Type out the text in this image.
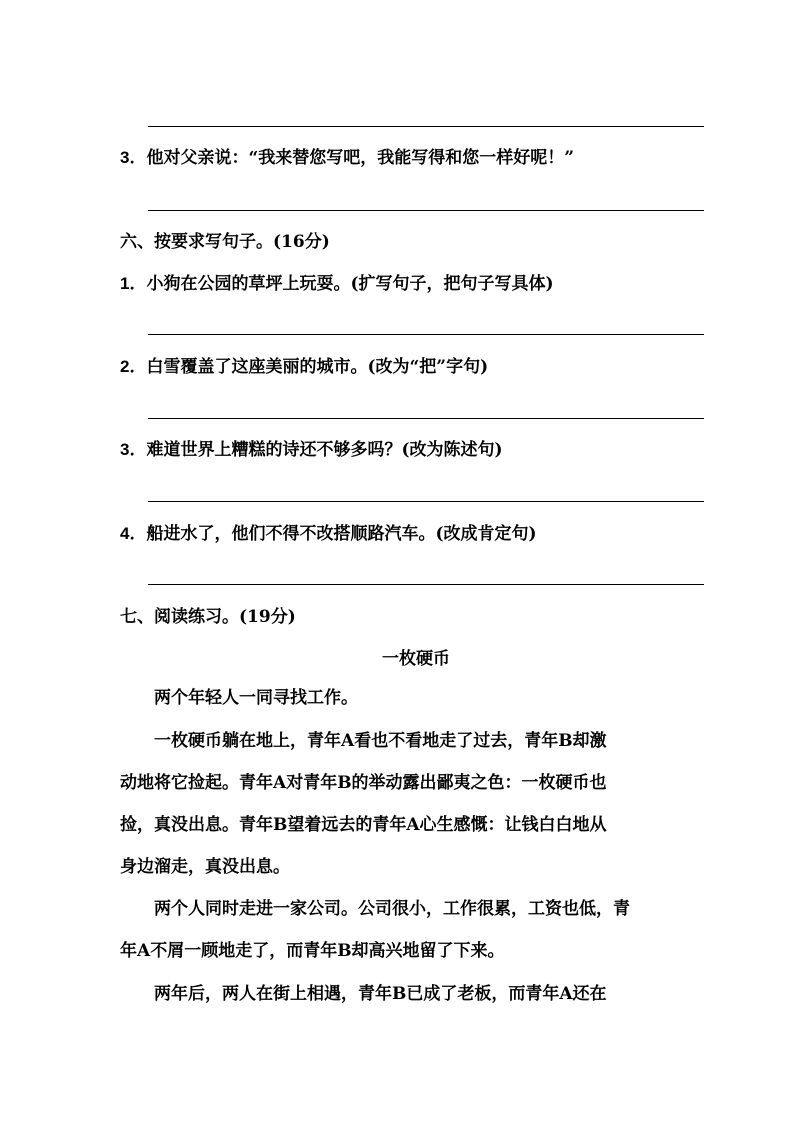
3．他对父亲说：“我来替您写吧，我能写得和您一样好呢！”
六、按要求写句子。(16分)
1．小狗在公园的草坪上玩耍。(扩写句子，把句子写具体)
2．白雪覆盖了这座美丽的城市。(改为“把”字句)
3．难道世界上糟糕的诗还不够多吗？(改为陈述句)
4．船进水了，他们不得不改搭顺路汽车。(改成肯定句)
七、阅读练习。(19分)
一枚硬币
　　两个年轻人一同寻找工作。
　　一枚硬币躺在地上，青年A看也不看地走了过去，青年B却激
动地将它捡起。青年A对青年B的举动露出鄙夷之色：一枚硬币也
捡，真没出息。青年B望着远去的青年A心生感慨：让钱白白地从
身边溜走，真没出息。
　　两个人同时走进一家公司。公司很小，工作很累，工资也低，青
年A不屑一顾地走了，而青年B却高兴地留了下来。
　　两年后，两人在街上相遇，青年B已成了老板，而青年A还在
